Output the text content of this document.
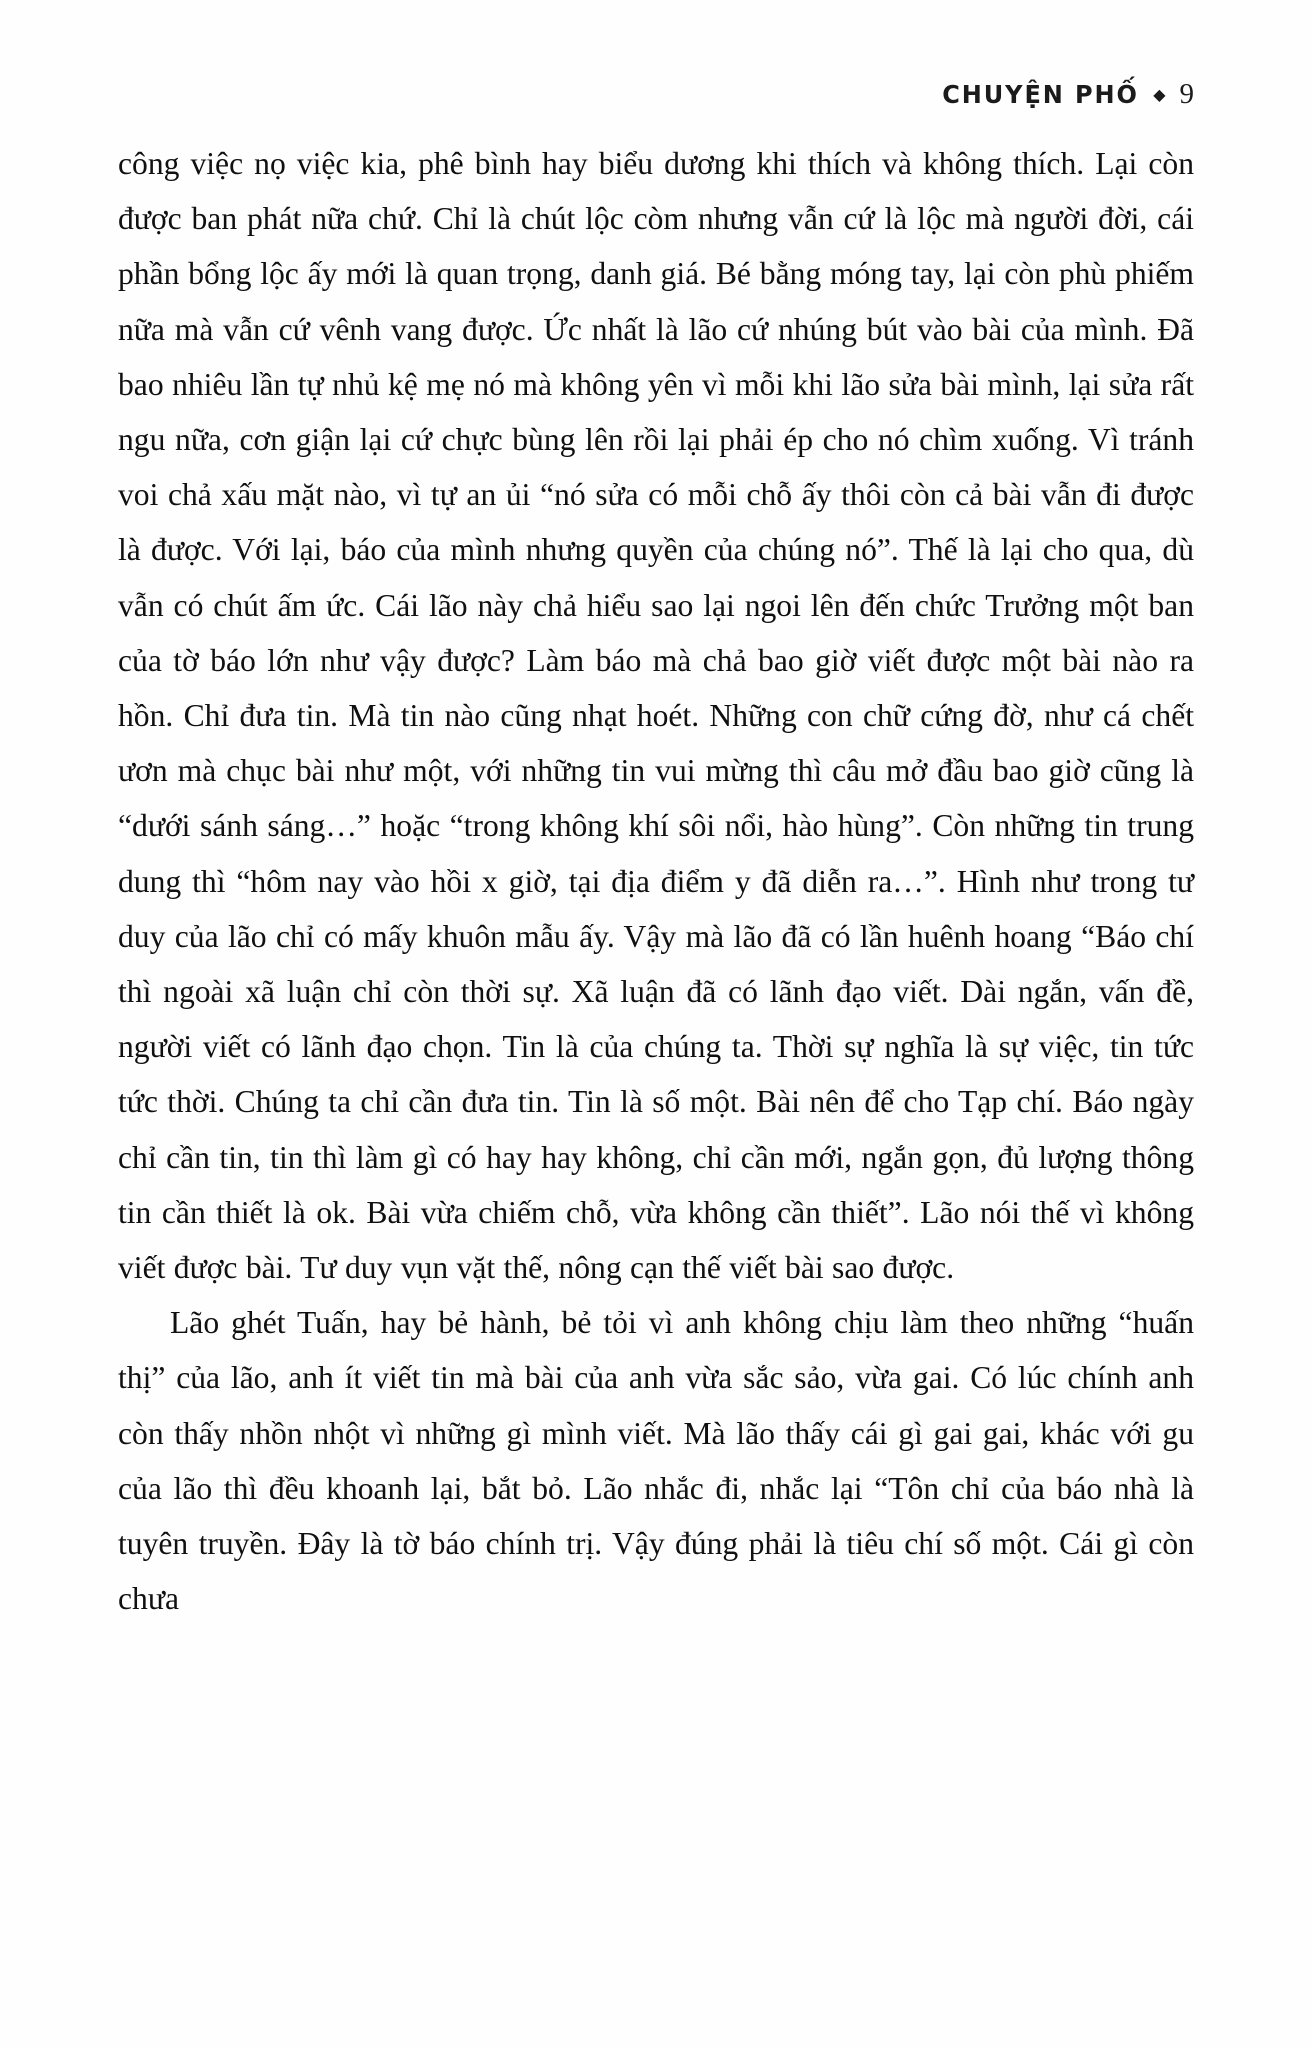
CHUYỆN PHỐ ◆ 9

công việc nọ việc kia, phê bình hay biểu dương khi thích và không thích. Lại còn được ban phát nữa chứ. Chỉ là chút lộc còm nhưng vẫn cứ là lộc mà người đời, cái phần bổng lộc ấy mới là quan trọng, danh giá. Bé bằng móng tay, lại còn phù phiếm nữa mà vẫn cứ vênh vang được. Ức nhất là lão cứ nhúng bút vào bài của mình. Đã bao nhiêu lần tự nhủ kệ mẹ nó mà không yên vì mỗi khi lão sửa bài mình, lại sửa rất ngu nữa, cơn giận lại cứ chực bùng lên rồi lại phải ép cho nó chìm xuống. Vì tránh voi chả xấu mặt nào, vì tự an ủi “nó sửa có mỗi chỗ ấy thôi còn cả bài vẫn đi được là được. Với lại, báo của mình nhưng quyền của chúng nó”. Thế là lại cho qua, dù vẫn có chút ấm ức. Cái lão này chả hiểu sao lại ngoi lên đến chức Trưởng một ban của tờ báo lớn như vậy được? Làm báo mà chả bao giờ viết được một bài nào ra hồn. Chỉ đưa tin. Mà tin nào cũng nhạt hoét. Những con chữ cứng đờ, như cá chết ươn mà chục bài như một, với những tin vui mừng thì câu mở đầu bao giờ cũng là “dưới sánh sáng…” hoặc “trong không khí sôi nổi, hào hùng”. Còn những tin trung dung thì “hôm nay vào hồi x giờ, tại địa điểm y đã diễn ra…”. Hình như trong tư duy của lão chỉ có mấy khuôn mẫu ấy. Vậy mà lão đã có lần huênh hoang “Báo chí thì ngoài xã luận chỉ còn thời sự. Xã luận đã có lãnh đạo viết. Dài ngắn, vấn đề, người viết có lãnh đạo chọn. Tin là của chúng ta. Thời sự nghĩa là sự việc, tin tức tức thời. Chúng ta chỉ cần đưa tin. Tin là số một. Bài nên để cho Tạp chí. Báo ngày chỉ cần tin, tin thì làm gì có hay hay không, chỉ cần mới, ngắn gọn, đủ lượng thông tin cần thiết là ok. Bài vừa chiếm chỗ, vừa không cần thiết”. Lão nói thế vì không viết được bài. Tư duy vụn vặt thế, nông cạn thế viết bài sao được.

Lão ghét Tuấn, hay bẻ hành, bẻ tỏi vì anh không chịu làm theo những “huấn thị” của lão, anh ít viết tin mà bài của anh vừa sắc sảo, vừa gai. Có lúc chính anh còn thấy nhồn nhột vì những gì mình viết. Mà lão thấy cái gì gai gai, khác với gu của lão thì đều khoanh lại, bắt bỏ. Lão nhắc đi, nhắc lại “Tôn chỉ của báo nhà là tuyên truyền. Đây là tờ báo chính trị. Vậy đúng phải là tiêu chí số một. Cái gì còn chưa
